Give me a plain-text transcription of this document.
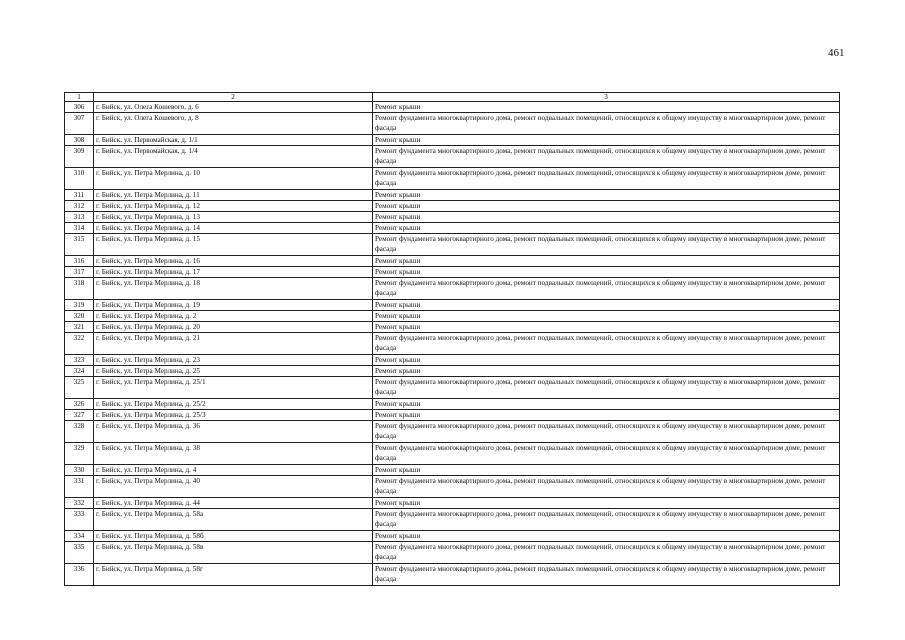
461
1	2	3
306	г. Бийск, ул. Олега Кошевого, д. 6	Ремонт крыши
307	г. Бийск, ул. Олега Кошевого, д. 8	Ремонт фундамента многоквартирного дома, ремонт подвальных помещений, относящихся к общему имуществу в многоквартирном доме, ремонт фасада
308	г. Бийск, ул. Первомайская, д. 1/1	Ремонт крыши
309	г. Бийск, ул. Первомайская, д. 1/4	Ремонт фундамента многоквартирного дома, ремонт подвальных помещений, относящихся к общему имуществу в многоквартирном доме, ремонт фасада
310	г. Бийск, ул. Петра Мерлина, д. 10	Ремонт фундамента многоквартирного дома, ремонт подвальных помещений, относящихся к общему имуществу в многоквартирном доме, ремонт фасада
311	г. Бийск, ул. Петра Мерлина, д. 11	Ремонт крыши
312	г. Бийск, ул. Петра Мерлина, д. 12	Ремонт крыши
313	г. Бийск, ул. Петра Мерлина, д. 13	Ремонт крыши
314	г. Бийск, ул. Петра Мерлина, д. 14	Ремонт крыши
315	г. Бийск, ул. Петра Мерлина, д. 15	Ремонт фундамента многоквартирного дома, ремонт подвальных помещений, относящихся к общему имуществу в многоквартирном доме, ремонт фасада
316	г. Бийск, ул. Петра Мерлина, д. 16	Ремонт крыши
317	г. Бийск, ул. Петра Мерлина, д. 17	Ремонт крыши
318	г. Бийск, ул. Петра Мерлина, д. 18	Ремонт фундамента многоквартирного дома, ремонт подвальных помещений, относящихся к общему имуществу в многоквартирном доме, ремонт фасада
319	г. Бийск, ул. Петра Мерлина, д. 19	Ремонт крыши
320	г. Бийск, ул. Петра Мерлина, д. 2	Ремонт крыши
321	г. Бийск, ул. Петра Мерлина, д. 20	Ремонт крыши
322	г. Бийск, ул. Петра Мерлина, д. 21	Ремонт фундамента многоквартирного дома, ремонт подвальных помещений, относящихся к общему имуществу в многоквартирном доме, ремонт фасада
323	г. Бийск, ул. Петра Мерлина, д. 23	Ремонт крыши
324	г. Бийск, ул. Петра Мерлина, д. 25	Ремонт крыши
325	г. Бийск, ул. Петра Мерлина, д. 25/1	Ремонт фундамента многоквартирного дома, ремонт подвальных помещений, относящихся к общему имуществу в многоквартирном доме, ремонт фасада
326	г. Бийск, ул. Петра Мерлина, д. 25/2	Ремонт крыши
327	г. Бийск, ул. Петра Мерлина, д. 25/3	Ремонт крыши
328	г. Бийск, ул. Петра Мерлина, д. 36	Ремонт фундамента многоквартирного дома, ремонт подвальных помещений, относящихся к общему имуществу в многоквартирном доме, ремонт фасада
329	г. Бийск, ул. Петра Мерлина, д. 38	Ремонт фундамента многоквартирного дома, ремонт подвальных помещений, относящихся к общему имуществу в многоквартирном доме, ремонт фасада
330	г. Бийск, ул. Петра Мерлина, д. 4	Ремонт крыши
331	г. Бийск, ул. Петра Мерлина, д. 40	Ремонт фундамента многоквартирного дома, ремонт подвальных помещений, относящихся к общему имуществу в многоквартирном доме, ремонт фасада
332	г. Бийск, ул. Петра Мерлина, д. 44	Ремонт крыши
333	г. Бийск, ул. Петра Мерлина, д. 58а	Ремонт фундамента многоквартирного дома, ремонт подвальных помещений, относящихся к общему имуществу в многоквартирном доме, ремонт фасада
334	г. Бийск, ул. Петра Мерлина, д. 58б	Ремонт крыши
335	г. Бийск, ул. Петра Мерлина, д. 58в	Ремонт фундамента многоквартирного дома, ремонт подвальных помещений, относящихся к общему имуществу в многоквартирном доме, ремонт фасада
336	г. Бийск, ул. Петра Мерлина, д. 58г	Ремонт фундамента многоквартирного дома, ремонт подвальных помещений, относящихся к общему имуществу в многоквартирном доме, ремонт фасада
